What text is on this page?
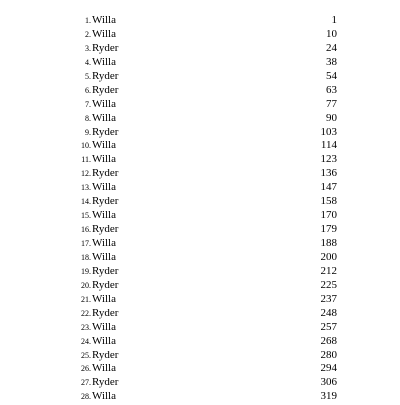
1. Willa	1
2. Willa	10
3. Ryder	24
4. Willa	38
5. Ryder	54
6. Ryder	63
7. Willa	77
8. Willa	90
9. Ryder	103
10. Willa	114
11. Willa	123
12. Ryder	136
13. Willa	147
14. Ryder	158
15. Willa	170
16. Ryder	179
17. Willa	188
18. Willa	200
19. Ryder	212
20. Ryder	225
21. Willa	237
22. Ryder	248
23. Willa	257
24. Willa	268
25. Ryder	280
26. Willa	294
27. Ryder	306
28. Willa	319
